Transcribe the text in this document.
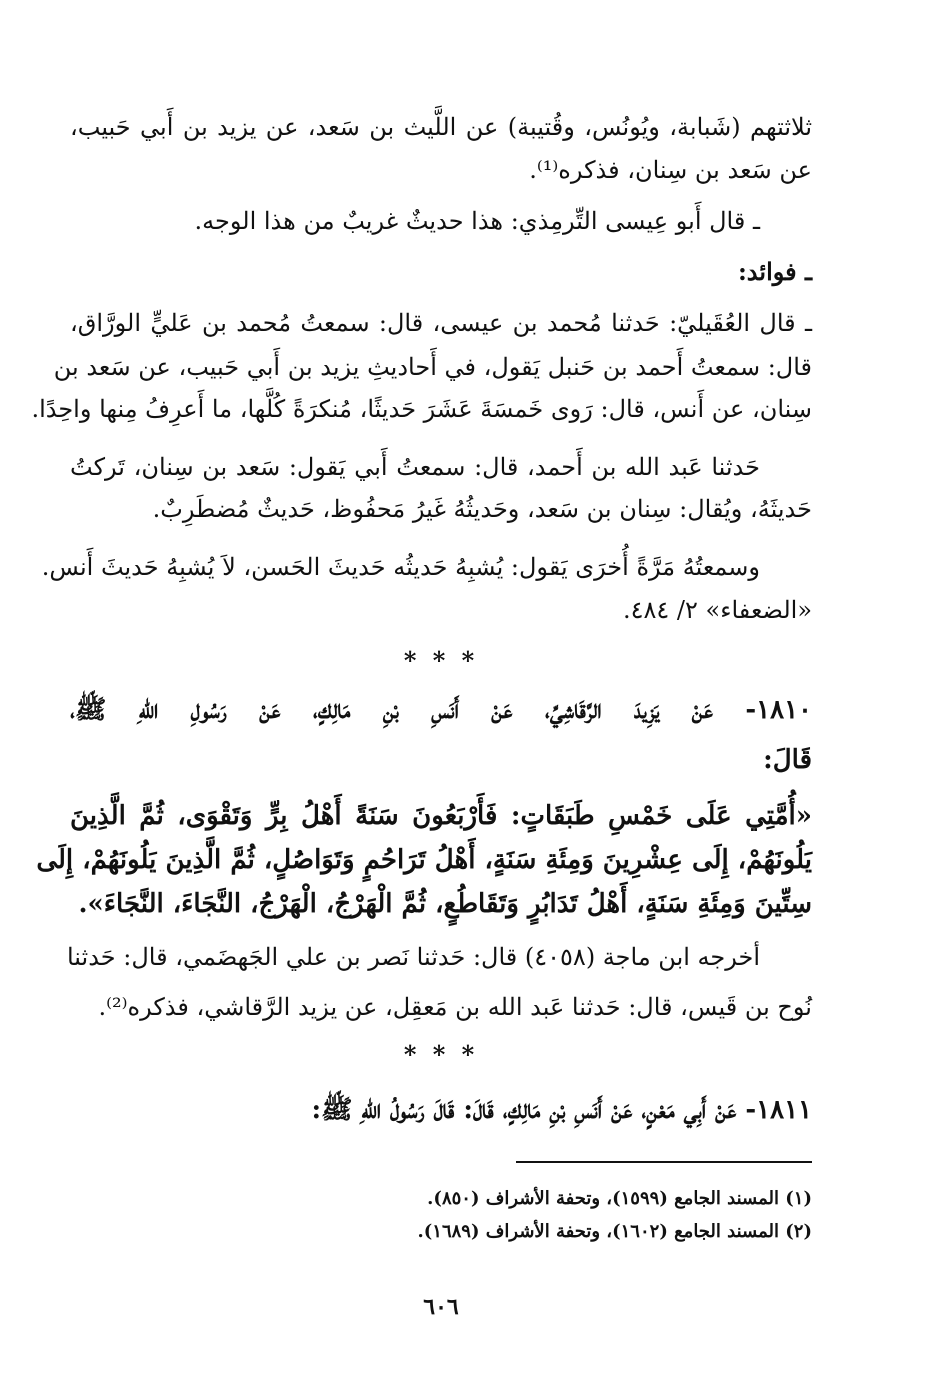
ثلاثتهم (شَبابة، ويُونُس، وقُتيبة) عن اللَّيث بن سَعد، عن يزيد بن أَبي حَبيب،
عن سَعد بن سِنان، فذكره⁽¹⁾.
ـ قال أَبو عِيسى التِّرمِذي: هذا حديثٌ غريبٌ من هذا الوجه.
ـ فوائد:
ـ قال العُقَيليّ: حَدثنا مُحمد بن عيسى، قال: سمعتُ مُحمد بن عَليٍّ الورَّاق،
قال: سمعتُ أَحمد بن حَنبل يَقول، في أَحاديثِ يزيد بن أَبي حَبيب، عن سَعد بن
سِنان، عن أَنس، قال: رَوى خَمسَةَ عَشَرَ حَديثًا، مُنكرَةً كُلَّها، ما أَعرِفُ مِنها واحِدًا.
حَدثنا عَبد الله بن أَحمد، قال: سمعتُ أَبي يَقول: سَعد بن سِنان، تَركتُ
حَديثَهُ، ويُقال: سِنان بن سَعد، وحَديثُهُ غَيرُ مَحفُوظ، حَديثٌ مُضطَرِبٌ.
وسمعتُهُ مَرَّةً أُخرَى يَقول: يُشبِهُ حَديثُه حَديثَ الحَسن، لاَ يُشبِهُ حَديثَ أَنس.
«الضعفاء» ٢/ ٤٨٤.
* * *
١٨١٠- عَنْ يَزِيدَ الرَّقَاشِيِّ، عَنْ أَنَسِ بْنِ مَالِكٍ، عَنْ رَسُولِ اللهِ ﷺ،
قَالَ:
«أُمَّتِي عَلَى خَمْسِ طَبَقَاتٍ: فَأَرْبَعُونَ سَنَةً أَهْلُ بِرٍّ وَتَقْوَى، ثُمَّ الَّذِينَ
يَلُونَهُمْ، إِلَى عِشْرِينَ وَمِئَةِ سَنَةٍ، أَهْلُ تَرَاحُمٍ وَتَوَاصُلٍ، ثُمَّ الَّذِينَ يَلُونَهُمْ، إِلَى
سِتِّينَ وَمِئَةِ سَنَةٍ، أَهْلُ تَدَابُرٍ وَتَقَاطُعٍ، ثُمَّ الْهَرْجُ، الْهَرْجُ، النَّجَاءَ، النَّجَاءَ».
أخرجه ابن ماجة (٤٠٥٨) قال: حَدثنا نَصر بن علي الجَهضَمي، قال: حَدثنا
نُوح بن قَيس، قال: حَدثنا عَبد الله بن مَعقِل، عن يزيد الرَّقاشي، فذكره⁽²⁾.
* * *
١٨١١- عَنْ أَبِي مَعْنٍ، عَنْ أَنَسِ بْنِ مَالِكٍ، قَالَ: قَالَ رَسُولُ اللهِ ﷺ:
(١) المسند الجامع (١٥٩٩)، وتحفة الأشراف (٨٥٠).
(٢) المسند الجامع (١٦٠٢)، وتحفة الأشراف (١٦٨٩).
٦٠٦
